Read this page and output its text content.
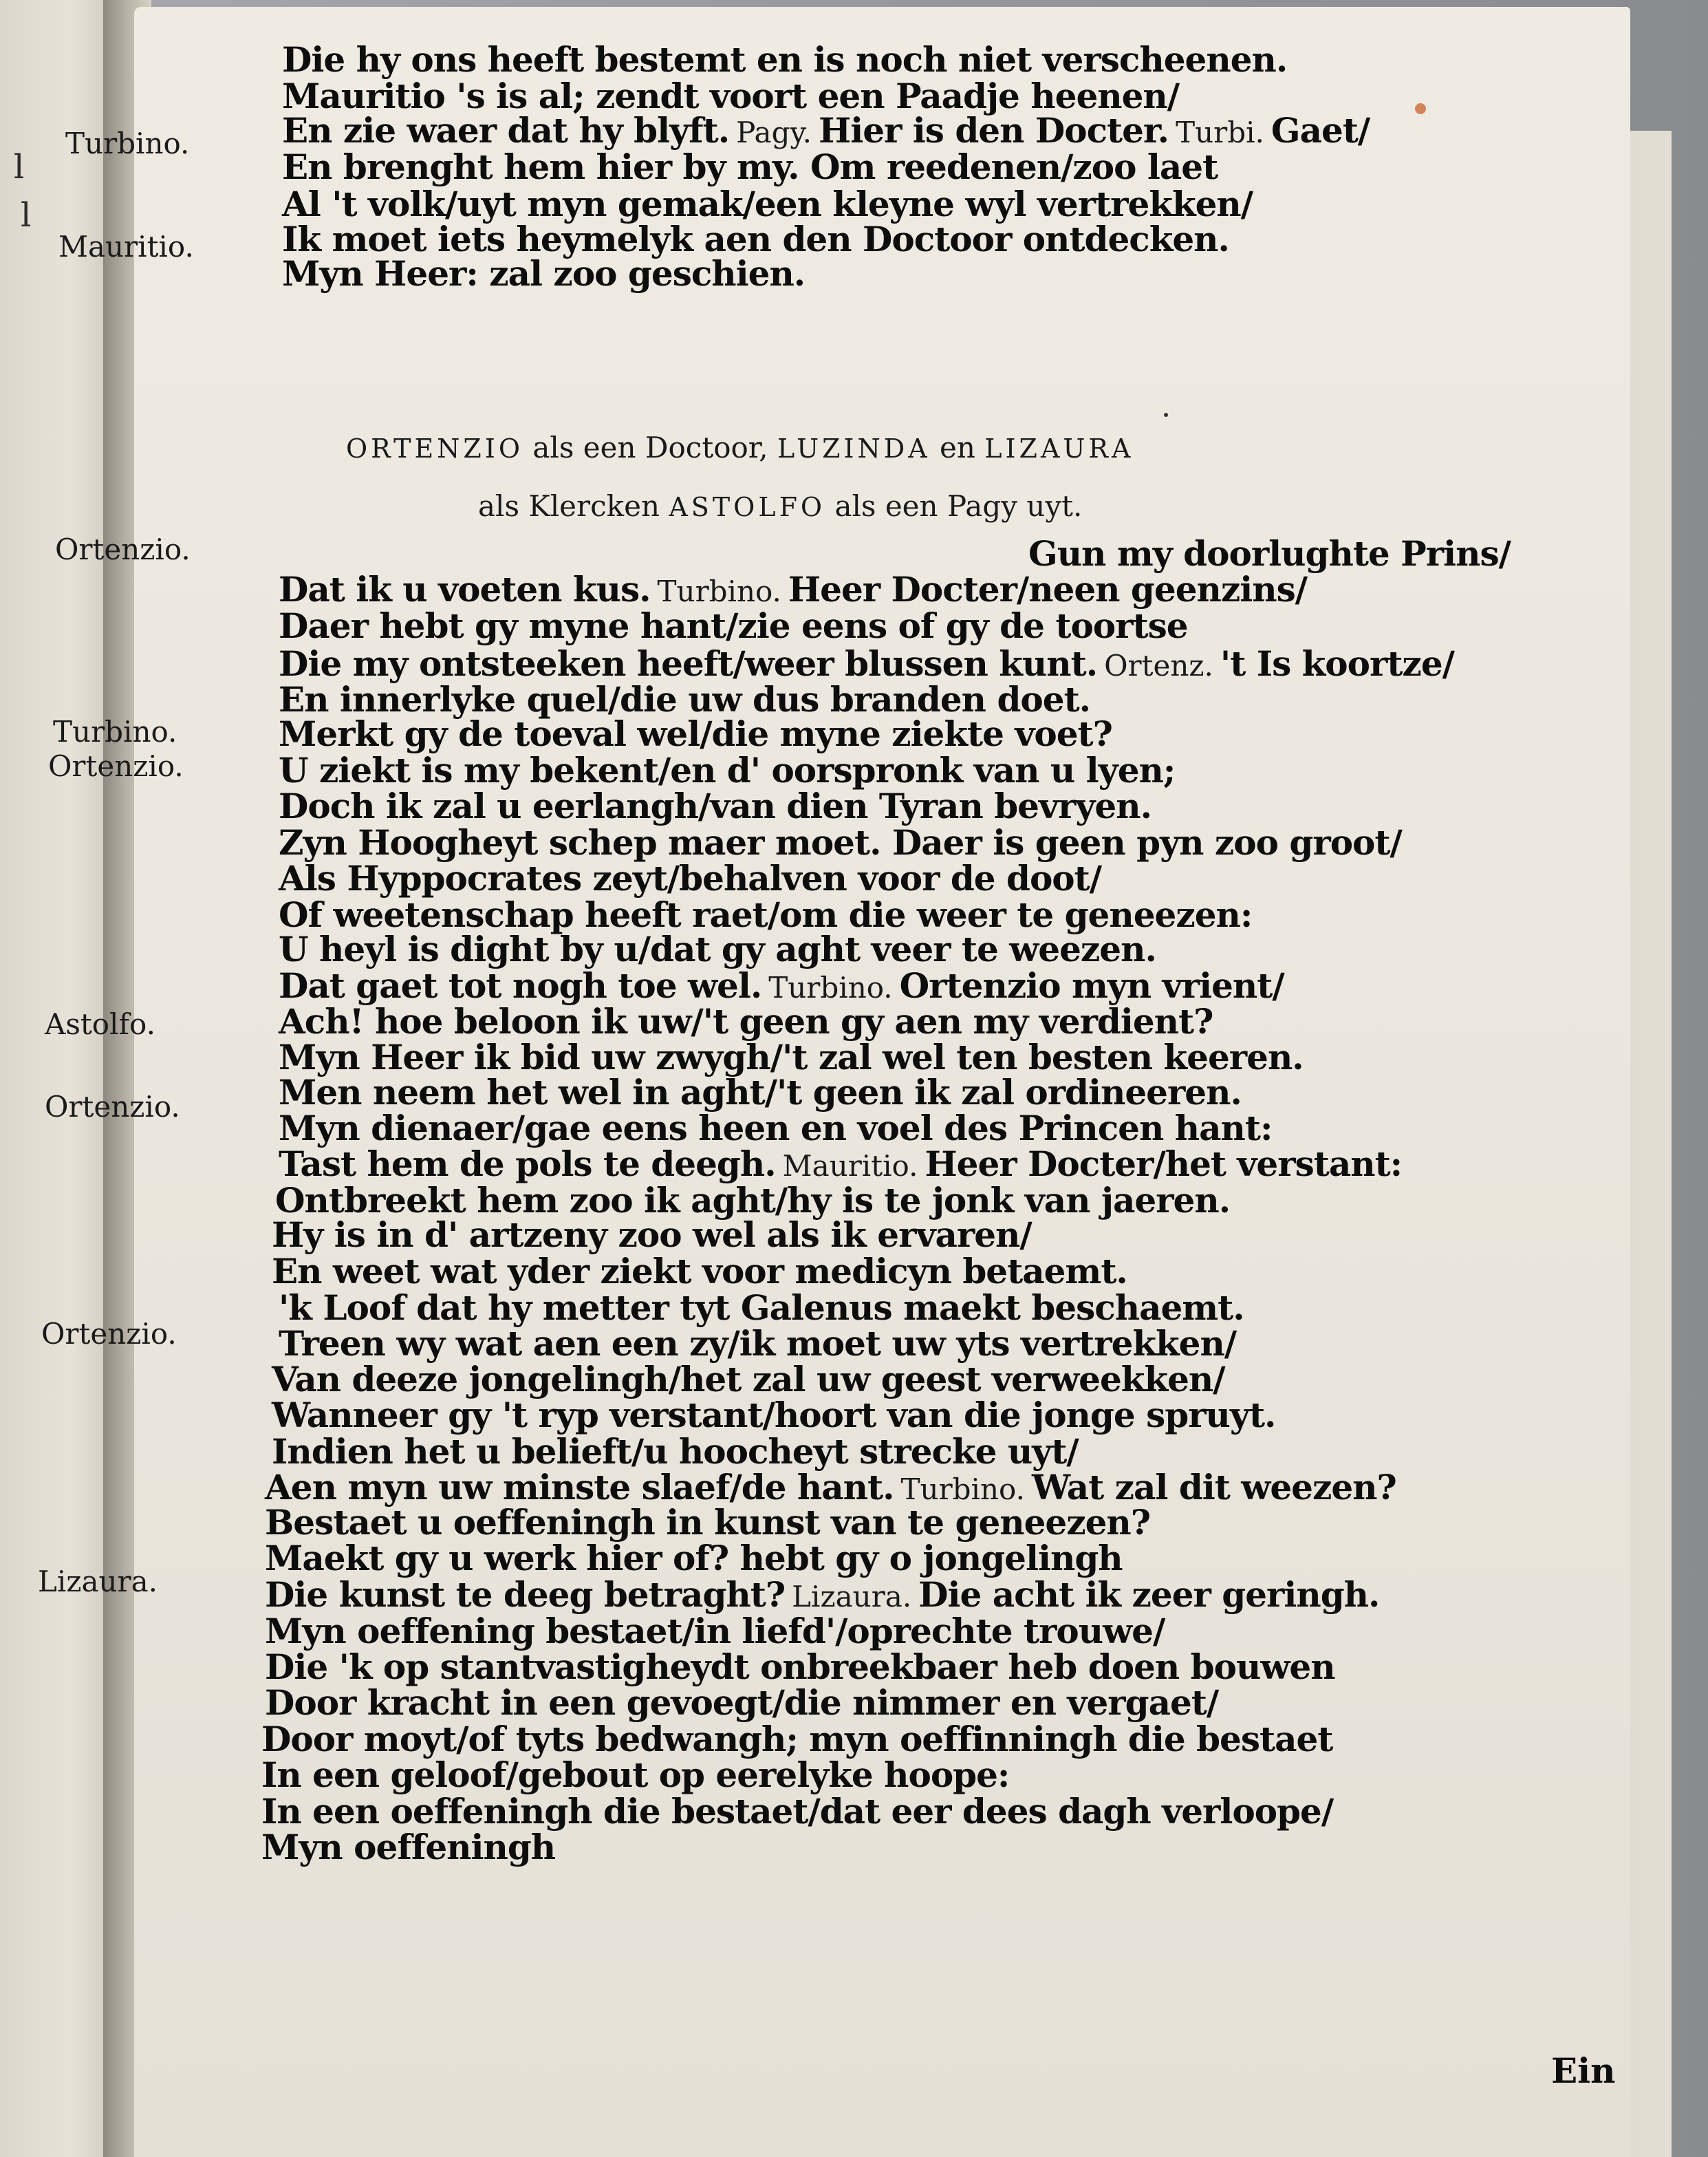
l
l
Die hy ons heeft bestemt en is noch niet verscheenen.
Mauritio 's is al; zendt voort een Paadje heenen/
Turbino.	En zie waer dat hy blyft. Pagy. Hier is den Docter. Turbi. Gaet/
En brenght hem hier by my. Om reedenen/zoo laet
Al 't volk/uyt myn gemak/een kleyne wyl vertrekken/
Ik moet iets heymelyk aen den Doctoor ontdecken.
Myn Heer: zal zoo geschien.
Mauritio.
Gun my doorlughte Prins/
Ortenzio.
Dat ik u voeten kus. Turbino. Heer Docter/neen geenzins/
Daer hebt gy myne hant/zie eens of gy de toortse
Die my ontsteeken heeft/weer blussen kunt. Ortenz. 't Is koortze/
En innerlyke quel/die uw dus branden doet.
Merkt gy de toeval wel/die myne ziekte voet?
Turbino.
U ziekt is my bekent/en d' oorspronk van u lyen;
Ortenzio.
Doch ik zal u eerlangh/van dien Tyran bevryen.
Zyn Hoogheyt schep maer moet. Daer is geen pyn zoo groot/
Als Hyppocrates zeyt/behalven voor de doot/
Of weetenschap heeft raet/om die weer te geneezen:
U heyl is dight by u/dat gy aght veer te weezen.
Dat gaet tot nogh toe wel. Turbino. Ortenzio myn vrient/
Astolfo.	Ach! hoe beloon ik uw/'t geen gy aen my verdient?
Myn Heer ik bid uw zwygh/'t zal wel ten besten keeren.
Ortenzio.	Men neem het wel in aght/'t geen ik zal ordineeren.
Myn dienaer/gae eens heen en voel des Princen hant:
Tast hem de pols te deegh. Mauritio. Heer Docter/het verstant:
Ontbreekt hem zoo ik aght/hy is te jonk van jaeren.
Hy is in d' artzeny zoo wel als ik ervaren/
Ortenzio.
En weet wat yder ziekt voor medicyn betaemt.
'k Loof dat hy metter tyt Galenus maekt beschaemt.
Treen wy wat aen een zy/ik moet uw yts vertrekken/
Van deeze jongelingh/het zal uw geest verweekken/
Wanneer gy 't ryp verstant/hoort van die jonge spruyt.
Indien het u belieft/u hoocheyt strecke uyt/
Lizaura.
Aen myn uw minste slaef/de hant. Turbino. Wat zal dit weezen?
Bestaet u oeffeningh in kunst van te geneezen?
Maekt gy u werk hier of? hebt gy o jongelingh
Die kunst te deeg betraght? Lizaura. Die acht ik zeer geringh.
Myn oeffening bestaet/in liefd'/oprechte trouwe/
Die 'k op stantvastigheydt onbreekbaer heb doen bouwen
Door kracht in een gevoegt/die nimmer en vergaet/
Door moyt/of tyts bedwangh; myn oeffinningh die bestaet
In een geloof/gebout op eerelyke hoope:
In een oeffeningh die bestaet/dat eer dees dagh verloope/
Myn oeffeningh
ORTENZIO als een Doctoor, LUZINDA en LIZAURA
als Klercken ASTOLFO als een Pagy uyt.
Ein
